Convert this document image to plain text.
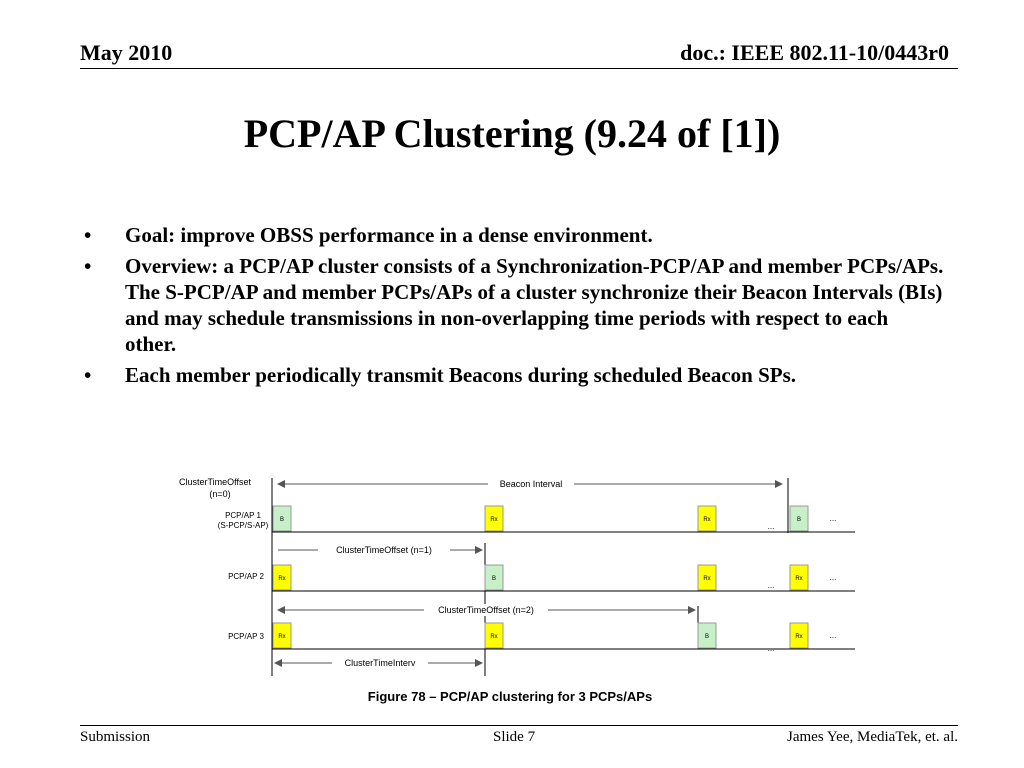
May 2010	doc.: IEEE 802.11-10/0443r0
PCP/AP Clustering (9.24 of [1])
• Goal: improve OBSS performance in a dense environment.
• Overview: a PCP/AP cluster consists of a Synchronization-PCP/AP and member PCPs/APs. The S-PCP/AP and member PCPs/APs of a cluster synchronize their Beacon Intervals (BIs) and may schedule transmissions in non-overlapping time periods with respect to each other.
• Each member periodically transmit Beacons during scheduled Beacon SPs.
ClusterTimeOffset
(n=0)
Beacon Interval
PCP/AP 1
(S-PCP/S-AP)
B	Rx	Rx
...
B	...
ClusterTimeOffset (n=1)
PCP/AP 2 Rx	B	Rx
...
Rx	...
ClusterTimeOffset (n=2)
PCP/AP 3 Rx	Rx	B
...
Rx	...
ClusterTimeInterv
Figure 78 – PCP/AP clustering for 3 PCPs/APs
Submission	Slide 7	James Yee, MediaTek, et. al.
